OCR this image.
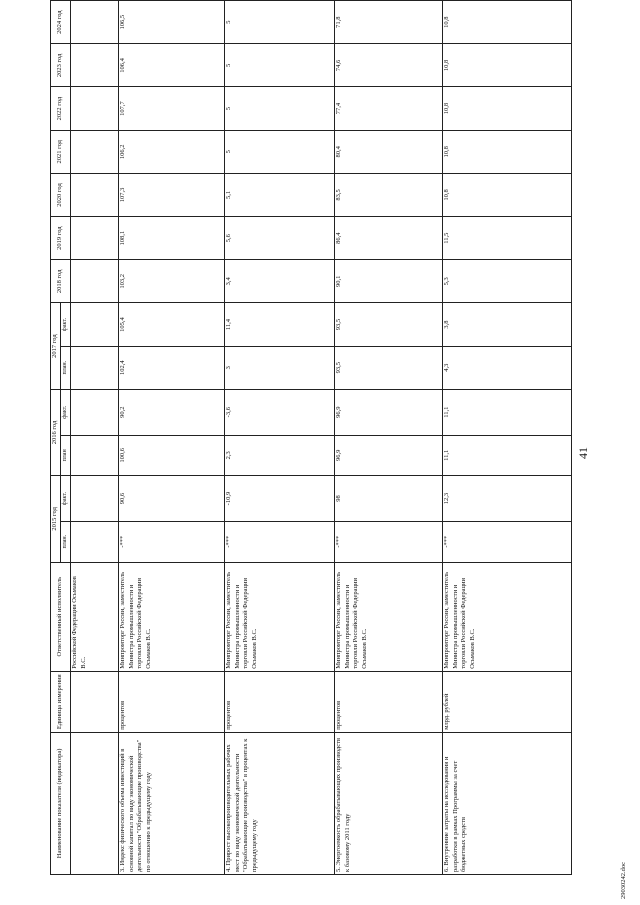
41
29030242.doc
Наименование показателя (индикатора)	Единица измерения	Ответственный исполнитель	2015 год		2016 год		2017 год		2018 год	2019 год	2020 год	2021 год	2022 год	2023 год	2024 год
			план.	факт.	план	факт.	план.	факт.							
		Российской Федерации Осьмаков В.С.													
3. Индекс физического объема инвестиций в основной капитал по виду экономической деятельности "Обрабатывающие производства" по отношению к предыдущему году	процентов	Минпромторг России, заместитель Министра промышленности и торговли Российской Федерации Осьмаков В.С.	-***	90,6	100,6	90,2	102,4	105,4	103,2	108,1	107,3	106,2	107,7	106,4	106,5
4. Прирост высокопроизводительных рабочих мест по виду экономической деятельности "Обрабатывающие производства" в процентах к предыдущему году	процентов	Минпромторг России, заместитель Министра промышленности и торговли Российской Федерации Осьмаков В.С.	-***	-10,9	2,3	-3,6	3	11,4	3,4	5,6	5,1	5	5	5	5
5. Энергоемкость обрабатывающих производств к базовому 2011 году	процентов	Минпромторг России, заместитель Министра промышленности и торговли Российской Федерации Осьмаков В.С.	-***	98	96,9	96,9	93,5	93,5	90,1	86,4	83,5	80,4	77,4	74,6	71,8
6. Внутренние затраты на исследования и разработки в рамках Программы за счет бюджетных средств	млрд. рублей	Минпромторг России, заместитель Министра промышленности и торговли Российской Федерации Осьмаков В.С.	-***	12,3	11,1	11,1	4,3	3,8	5,3	11,5	10,8	10,8	10,8	10,8	10,8
